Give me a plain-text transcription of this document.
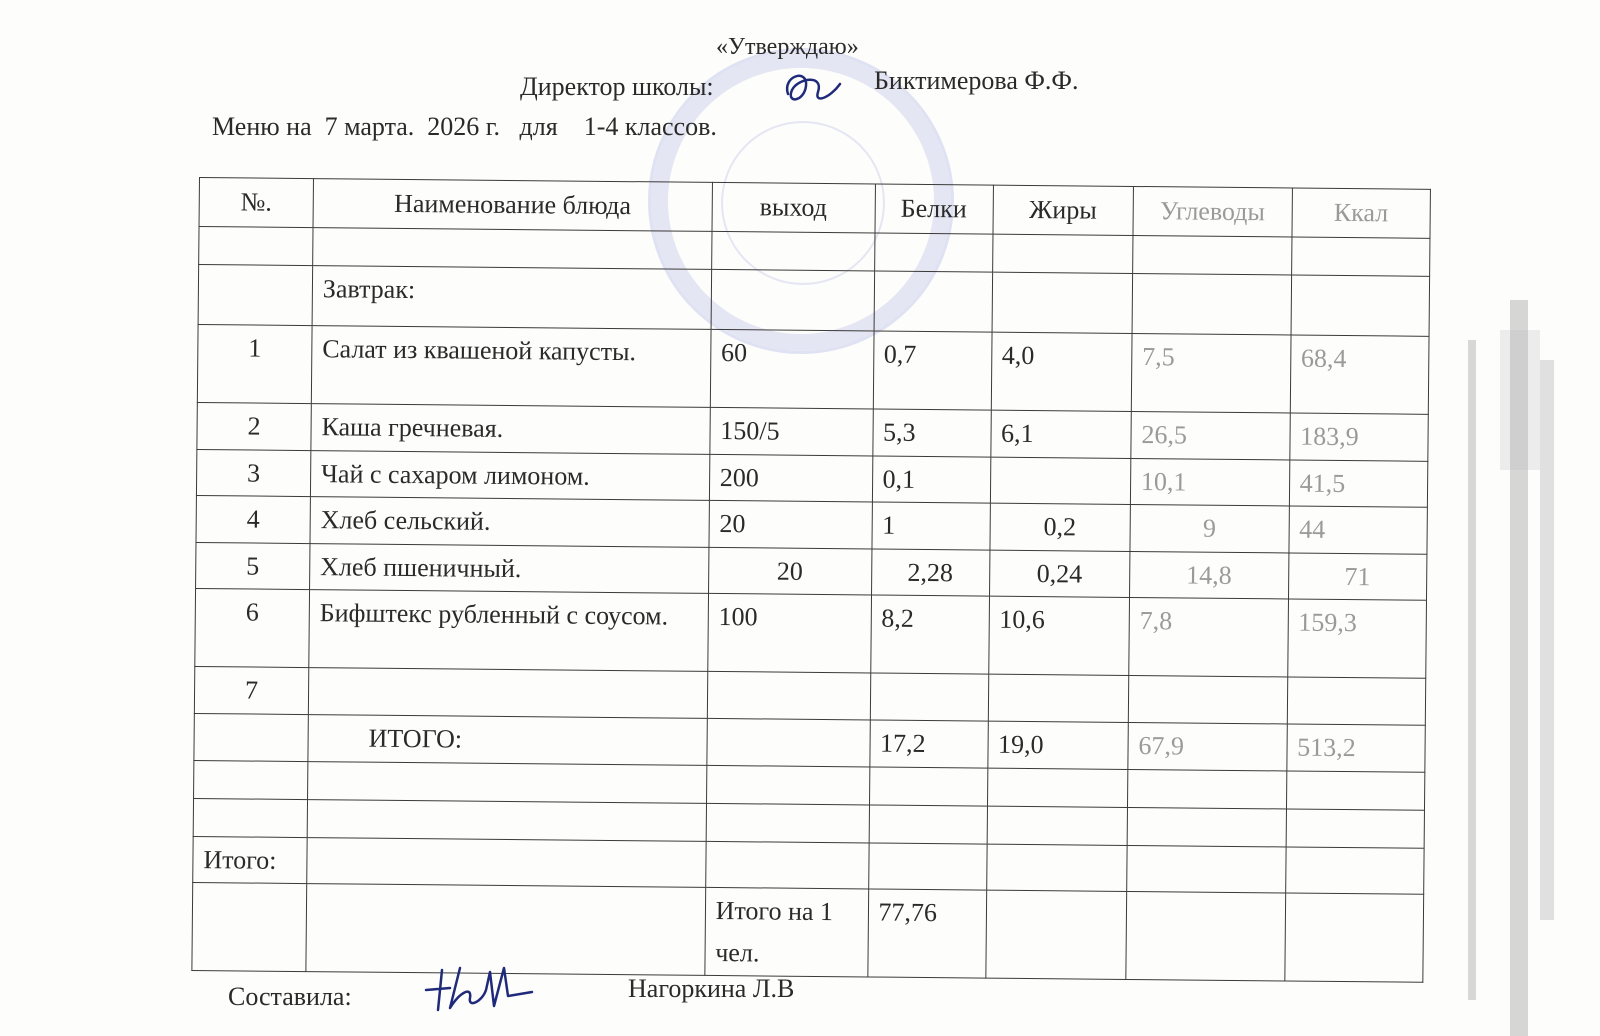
«Утверждаю»
Директор школы:	Биктимерова Ф.Ф.
Меню на  7 марта.  2026 г.   для    1-4 классов.
№.	Наименование блюда	выход	Белки	Жиры	Углеводы	Ккал

	Завтрак:					
1	Салат из квашеной капусты.	60	0,7	4,0	7,5	68,4
2	Каша гречневая.	150/5	5,3	6,1	26,5	183,9
3	Чай с сахаром лимоном.	200	0,1		10,1	41,5
4	Хлеб сельский.	20	1	0,2	9	44
5	Хлеб пшеничный.	20	2,28	0,24	14,8	71
6	Бифштекс рубленный с соусом.	100	8,2	10,6	7,8	159,3
7						
	ИТОГО:		17,2	19,0	67,9	513,2

Итого:						
		Итого на 1 чел.	77,76			
Составила:	Нагоркина Л.В
